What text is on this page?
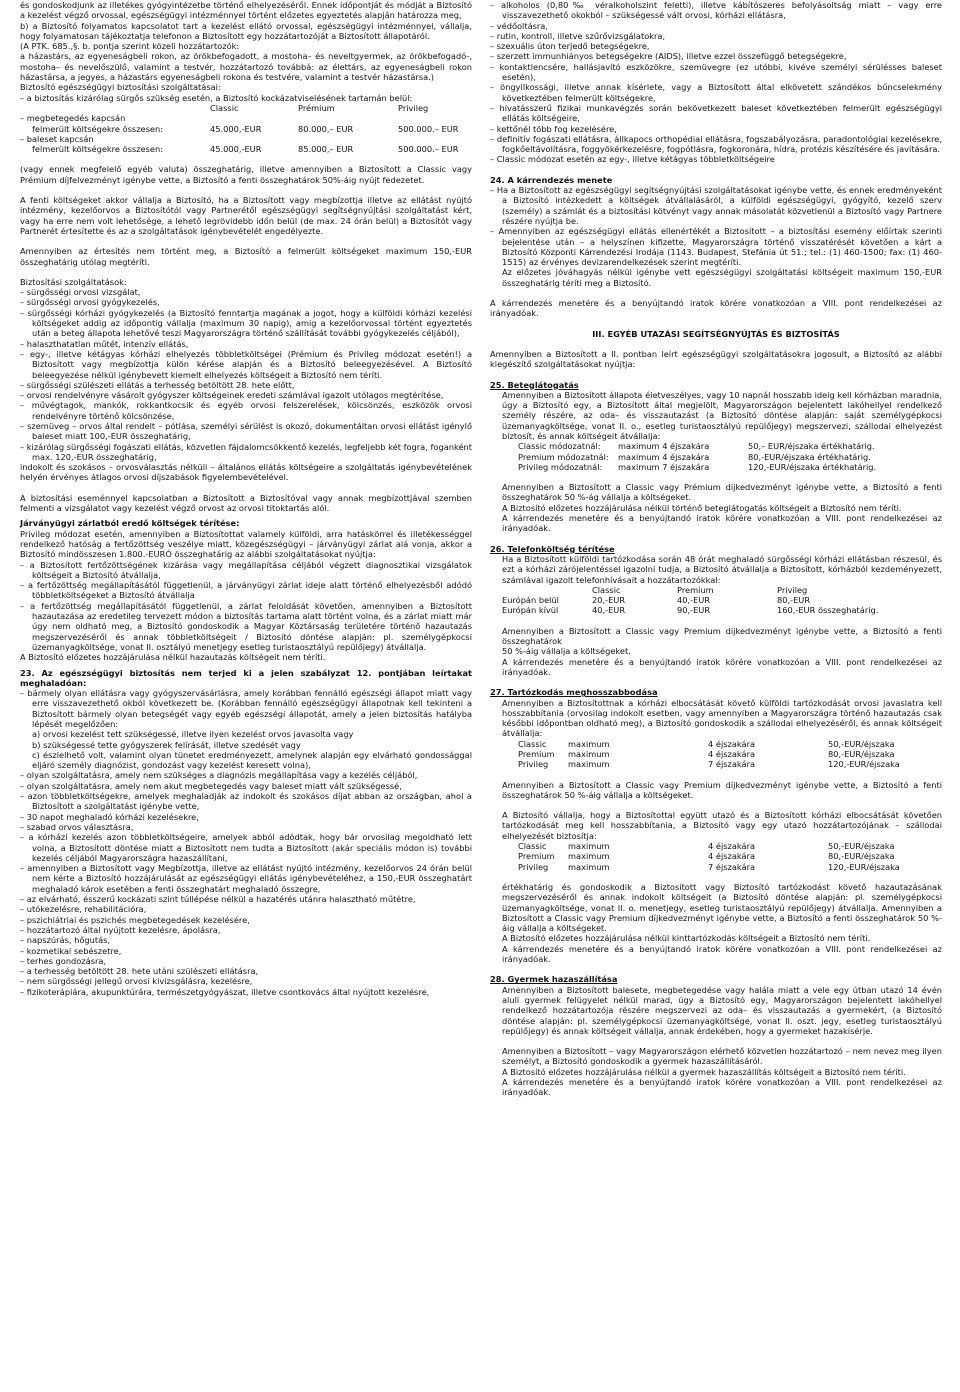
és gondoskodjunk az illetékes gyógyintézetbe történő elhelyezéséről. Ennek időpontját és módját a Biztosító a kezelést végző orvossal, egészségügyi intézménnyel történt előzetes egyeztetés alapján határozza meg,

b) a Biztosító folyamatos kapcsolatot tart a kezelést ellátó orvossal, egészségügyi intézménnyel, vállalja, hogy folyamatosan tájékoztatja telefonon a Biztosított egy hozzátartozóját a Biztosított állapotáról.

(A PTK. 685.,§. b. pontja szerint közeli hozzátartozók:

a házastárs, az egyeneságbeli rokon, az örökbefogadott, a mostoha– és neveltgyermek, az örökbefogadó-, mostoha– és nevelőszülő, valamint a testvér, hozzátartozó továbbá: az élettárs, az egyeneságbeli rokon házastársa, a jegyes, a házastárs egyeneságbeli rokona és testvére, valamint a testvér házastársa.)

Biztosító egészségügyi biztosítási szolgáltatásai:

– a biztosítás kizárólag sürgős szükség esetén, a Biztosító kockázatviselésének tartamán belül:

Classic	Prémium	Privileg
– megbetegedés kapcsán
felmerült költségekre összesen:	45.000,-EUR	80.000,– EUR	500.000.– EUR
– baleset kapcsán
felmerült költségekre összesen:	45.000,-EUR	85.000,– EUR	500.000.– EUR

(vagy ennek megfelelő egyéb valuta) összeghatárig, illetve amennyiben a Biztosított a Classic vagy Prémium díjfelvezményt igénybe vette, a Biztosító a fenti összeghatárok 50%-áig nyújt fedezetet.

A fenti költségeket akkor vállalja a Biztosító, ha a Biztosított vagy megbízottja illetve az ellátást nyújtó intézmény, kezelőorvos a Biztosítótól vagy Partnerétől egészségügyi segítségnyújtási szolgáltatást kért, vagy ha erre nem volt lehetősége, a lehető legrövidebb időn belül (de max. 24 órán belül) a Biztosítót vagy Partnerét értesítette és az a szolgáltatások igénybevételét engedélyezte.

Amennyiben az értesítés nem történt meg, a Biztosító a felmerült költségeket maximum 150,-EUR összeghatárig utólag megtéríti.

Biztosítási szolgáltatások:

– sürgősségi orvosi vizsgálat,

– sürgősségi orvosi gyógykezelés,

– sürgősségi kórházi gyógykezelés (a Biztosító fenntartja magának a jogot, hogy a külföldi kórházi kezelési költségeket addig az időpontig vállalja (maximum 30 napig), amig a kezelőorvossal történt egyeztetés után a beteg állapota lehetővé teszi Magyarországra történő szállítását további gyógykezelés céljából),

– halaszthatatlan műtét, intenzív ellátás,

– egy-, illetve kétágyas kórházi elhelyezés többletköltségei (Prémium és Privileg módozat esetén!) a Biztosított vagy megbízottja külön kérése alapján és a Biztosító beleegyezésével. A Biztosító beleegyezése nélkül igénybevett kiemelt elhelyezés költségeit a Biztosító nem téríti.

– sürgősségi szülészeti ellátás a terhesség betöltött 28. hete előtt,

– orvosi rendelvényre vásárolt gyógyszer költségeinek eredeti számlával igazolt utólagos megtérítése,

– művégtagok, mankók, rokkantkocsik és egyéb orvosi felszerelések, kölcsönzés, eszközök orvosi rendelvényre történő kölcsönzése,

– szemüveg – orvos által rendelt – pótlása, személyi sérülést is okozó, dokumentáltan orvosi ellátást igénylő baleset miatt 100,-EUR összeghatárig,

– kizárólag sürgősségi fogászati ellátás, közvetlen fájdalomcsökkentő kezelés, legfeljebb két fogra, foganként max. 120,-EUR összeghatárig,

indokolt és szokásos – orvosválasztás nélküli – általános ellátás költségeire a szolgáltatás igénybevételének helyén érvényes átlagos orvosi díjszabások figyelembevételével.

A biztosítási eseménnyel kapcsolatban a Biztosított a Biztosítóval vagy annak megbízottjával szemben felmenti a vizsgálatot vagy kezelést végző orvost az orvosi titoktartás alól.

Járványügyi zárlatból eredő költségek térítése:

Privileg módozat esetén, amennyiben a Biztosítottat valamely külföldi, arra hatáskörrel és illetékességgel rendelkező hatóság a fertőzöttség veszélye miatt, közegészségügyi – járványügyi zárlat alá vonja, akkor a Biztosító mindösszesen 1.800.-EURÓ összeghatárig az alábbi szolgáltatásokat nyújtja:

– a Biztosított fertőzöttségének kizárása vagy megállapítása céljából végzett diagnosztikai vizsgálatok költségeit a Biztosító átvállalja,

– a fertőzöttség megállapításától függetlenül, a járványügyi zárlat ideje alatt történő elhelyezésből adódó többletköltségeket a Biztosító átvállalja

– a fertőzöttség megállapításától függetlenül, a zárlat feloldását követően, amennyiben a Biztosított hazautazása az eredetileg tervezett módon a biztosítás tartama alatt történt volna, és a zárlat miatt már úgy nem oldható meg, a Biztosító gondoskodik a Magyar Köztársaság területére történő hazautazás megszervezéséről és annak többletköltségeit / Biztosító döntése alapján: pl. személygépkocsi üzemanyagköltsége, vonat II. osztályú menetjegy esetleg turistaosztályú repülőjegy) átvállalja.

A Biztosító előzetes hozzájárulása nélkül hazautazás költségeit nem téríti.

23. Az egészségügyi biztosítás nem terjed ki a jelen szabályzat 12. pontjában leírtakat meghaladóan:

– bármely olyan ellátásra vagy gyógyszervásárlásra, amely korábban fennálló egészségi állapot miatt vagy erre visszavezethető okból következett be. (Korábban fennálló egészségügyi állapotnak kell tekinteni a Biztosított bármely olyan betegségét vagy egyéb egészségi állapotát, amely a jelen biztosítás hatályba lépését megelőzően:

a) orvosi kezelést tett szükségessé, illetve ilyen kezelést orvos javasolta vagy

b) szükségessé tette gyógyszerek felírását, illetve szedését vagy

c) észlelhető volt, valamint olyan tünetet eredményezett, amelynek alapján egy elvárható gondossággal eljáró személy diagnózist, gondozást vagy kezelést keresett volna),

– olyan szolgáltatásra, amely nem szükséges a diagnózis megállapítása vagy a kezelés céljából,

– olyan szolgáltatásra, amely nem akut megbetegedés vagy baleset miatt vált szükségessé,

– azon többletköltségekre, amelyek meghaladják az indokolt és szokásos díjat abban az országban, ahol a Biztosított a szolgáltatást igénybe vette,

– 30 napot meghaladó kórházi kezelésekre,

– szabad orvos választásra,

– a kórházi kezelés azon többletköltségeire, amelyek abból adódtak, hogy bár orvosilag megoldható lett volna, a Biztosított döntése miatt a Biztosított nem tudta a Biztosított (akár speciális módon is) további kezelés céljából Magyarországra hazaszállítani,

– amennyiben a Biztosított vagy Megbízottja, illetve az ellátást nyújtó intézmény, kezelőorvos 24 órán belül nem kérte a Biztosító hozzájárulását az egészségügyi ellátás igénybevételéhez, a 150,-EUR összeghatárt meghaladó károk esetében a fenti összeghatárt meghaladó összegre,

– az elvárható, ésszerű kockázati szint túllépése nélkül a hazatérés utánra halasztható műtétre,

– utókezelésre, rehabilitációra,

– pszichiátriai és pszichés megbetegedések kezelésére,

– hozzátartozó által nyújtott kezelésre, ápolásra,

– napszúrás, hőgutás,

– kozmetikai sebészetre,

– terhes gondozásra,

– a terhesség betöltött 28. hete utáni szülészeti ellátásra,

– nem sürgősségi jellegű orvosi kivizsgálásra, kezelésre,

– fizikoterápiára, akupunktúrára, természetgyógyászat, illetve csontkovács által nyújtott kezelésre,

– alkoholos (0,80‰ véralkoholszint feletti), illetve kábítószeres befolyásoltság miatt – vagy erre visszavezethető okokból – szükségessé vált orvosi, kórházi ellátásra,

– védőoltásra,

– rutin, kontroll, illetve szűrővizsgálatokra,

– szexuális úton terjedő betegségekre,

– szerzett immunhiányos betegségekre (AIDS), illetve ezzel összefüggő betegségekre,

– kontaktlencsére, hallásjavító eszközökre, szemüvegre (ez utóbbi, kivéve személyi sérülésses baleset esetén),

– öngyilkossági, illetve annak kísérlete, vagy a Biztosított által elkövetett szándékos bűncselekmény következtében felmerült költségekre,

– hivatásszerű fizikai munkavégzés során bekövetkezett baleset következtében felmerült egészségügyi ellátás költségeire,

– kettőnél több fog kezelésére,

– definitív fogászati ellátásra, állkapocs orthopédiai ellátásra, fogszabályozásra, paradontológiai kezelésekre, fogkőeltávolításra, foggyökérkezelésre, fogpótlásra, fogkoronára, hídra, protézis készítésére és javítására.

– Classic módozat esetén az egy-, illetve kétágyas többletköltségeire

24. A kárrendezés menete

– Ha a Biztosított az egészségügyi segítségnyújtási szolgáltatásokat igénybe vette, és ennek eredményeként a Biztosító intézkedett a költségek átvállalásáról, a külföldi egészségügyi, gyógyító, kezelő szerv (személy) a számlát és a biztosítási kötvényt vagy annak másolatát közvetlenül a Biztosító vagy Partnere részére nyújtja be.

– Amennyiben az egészségügyi ellátás ellenértékét a Biztosított – a biztosítási esemény előírtak szerinti bejelentése után – a helyszínen kifizette, Magyarországra történő visszatérését követően a kárt a Biztosító Központi Kárrendezési Irodája (1143. Budapest, Stefánia út 51.; tel.: (1) 460-1500; fax: (1) 460-1515) az érvényes devizarendelkezések szerint megtéríti.

Az előzetes jóváhagyás nélkül igénybe vett egészségügyi szolgáltatási költségeit maximum 150,-EUR összeghatárig téríti meg a Biztosító.

A kárrendezés menetére és a benyújtandó iratok körére vonatkozóan a VIII. pont rendelkezései az irányadóak.

III. EGYÉB UTAZÁSI SEGÍTSÉGNYÚJTÁS ÉS BIZTOSÍTÁS

Amennyiben a Biztosított a II. pontban leírt egészségügyi szolgáltatásokra jogosult, a Biztosító az alábbi kiegészítő szolgáltatásokat nyújtja:

25. Beteglátogatás

Amennyiben a Biztosított állapota életveszélyes, vagy 10 napnál hosszabb ideig kell kórházban maradnia, úgy a Biztosító egy, a Biztosított által megjelölt, Magyarországon bejelentett lakóhellyel rendelkező személy részére, az oda– és visszautazást (a Biztosító döntése alapján: saját személygépkocsi üzemanyagköltsége, vonat II. o., esetleg turistaosztályú repülőjegy) megszervezi, szállodai elhelyezést biztosít, és annak költségeit átvállalja:

Classic módozatnál:	maximum 4 éjszakára	50,– EUR/éjszaka értékhatárig.
Premium módozatnál:	maximum 4 éjszakára	80,-EUR/éjszaka értékhatárig.
Privileg módozatnál:	maximum 7 éjszakára	120,-EUR/éjszaka értékhatárig.

Amennyiben a Biztosított a Classic vagy Prémium díjkedvezményt igénybe vette, a Biztosító a fenti összeghatárok 50 %-ág vállalja a költségeket.

A Biztosító előzetes hozzájárulása nélkül történő beteglátogatás költségeit a Biztosító nem téríti.

A kárrendezés menetére és a benyújtandó iratok körére vonatkozóan a VIII. pont rendelkezései az irányadóak.

26. Telefonköltség térítése

Ha a Biztosított külföldi tartózkodása során 48 órát meghaladó sürgősségi kórházi ellátásban részesül, és ezt a kórházi zárójelentéssel igazolni tudja, a Biztosító átvállalja a Biztosított, kórházból kezdeményezett, számlával igazolt telefonhívásait a hozzátartozókkal:

Classic	Premium	Privileg
Európán belül	20,-EUR	40,-EUR	80,-EUR
Európán kívül	40,-EUR	90,-EUR	160,-EUR összeghatárig.

Amennyiben a Biztosított a Classic vagy Premium díjkedvezményt igénybe vette, a Biztosító a fenti összeghatárok

50 %-áig vállalja a költségeket.

A kárrendezés menetére és a benyújtandó iratok körére vonatkozóan a VIII. pont rendelkezései az irányadóak.

27. Tartózkodás meghosszabbodása

Amennyiben a Biztosítottnak a kórházi elbocsátását követő külföldi tartózkodását orvosi javaslatra kell hosszabbítania (orvosilag indokolt esetben, vagy amennyiben a Magyarországra történő hazautazás csak későbbi időpontban oldható meg), a Biztosító gondoskodik a szállodai elhelyezéséről, és annak költségeit átvállalja:

Classic	maximum	4 éjszakára	50,-EUR/éjszaka
Premium	maximum	4 éjszakára	80,-EUR/éjszaka
Privileg	maximum	7 éjszakára	120,-EUR/éjszaka

Amennyiben a Biztosított a Classic vagy Premium díjkedvezményt igénybe vette, a Biztosító a fenti összeghatárok 50 %-áig vállalja a költségeket.

A Biztosító vállalja, hogy a Biztosítottal együtt utazó és a Biztosított kórházi elbocsátását követően tartózkodását meg kell hosszabbítania, a Biztosító vagy egy utazó hozzátartozójának – szállodai elhelyezését biztosítja:

Classic	maximum	4 éjszakára	50,-EUR/éjszaka
Premium	maximum	4 éjszakára	80,-EUR/éjszaka
Privileg	maximum	7 éjszakára	120,-EUR/éjszaka

értékhatárig és gondoskodik a Biztosított vagy Biztosító tartózkodást követő hazautazásának megszervezéséről és annak indokolt költségeit (a Biztosító döntése alapján: pl. személygépkocsi üzemanyagköltsége, vonat II. o. menetjegy, esetleg turistaosztályú repülőjegy) átvállalja. Amennyiben a Biztosított a Classic vagy Premium díjkedvezményt igénybe vette, a Biztosító a fenti összeghatárok 50 %-áig vállalja a költségeket.

A Biztosító előzetes hozzájárulása nélkül kinttartózkodás költségeit a Biztosító nem téríti.

A kárrendezés menetére és a benyújtandó iratok körére vonatkozóan a VIII. pont rendelkezései az irányadóak.

28. Gyermek hazaszállítása

Amennyiben a Biztosított balesete, megbetegedése vagy halála miatt a vele egy útban utazó 14 évén aluli gyermek felügyelet nélkül marad, úgy a Biztosító egy, Magyarországon bejelentett lakóhellyel rendelkező hozzátartozója részére megszervezi az oda– és visszautazás a gyermekért, (a Biztosító döntése alapján: pl. személygépkocsi üzemanyagköltsége, vonat II. oszt. jegy, esetleg turistaosztályú repülőjegy) és annak költségeit vállalja, annak érdekében, hogy a gyermeket hazakísérje.

Amennyiben a Biztosított – vagy Magyarországon elérhető közvetlen hozzátartozó – nem nevez meg ilyen személyt, a Biztosító gondoskodik a gyermek hazaszállításáról.

A Biztosító előzetes hozzájárulása nélkül a gyermek hazaszállítás költségeit a Biztosító nem téríti.

A kárrendezés menetére és a benyújtandó iratok körére vonatkozóan a VIII. pont rendelkezései az irányadóak.
